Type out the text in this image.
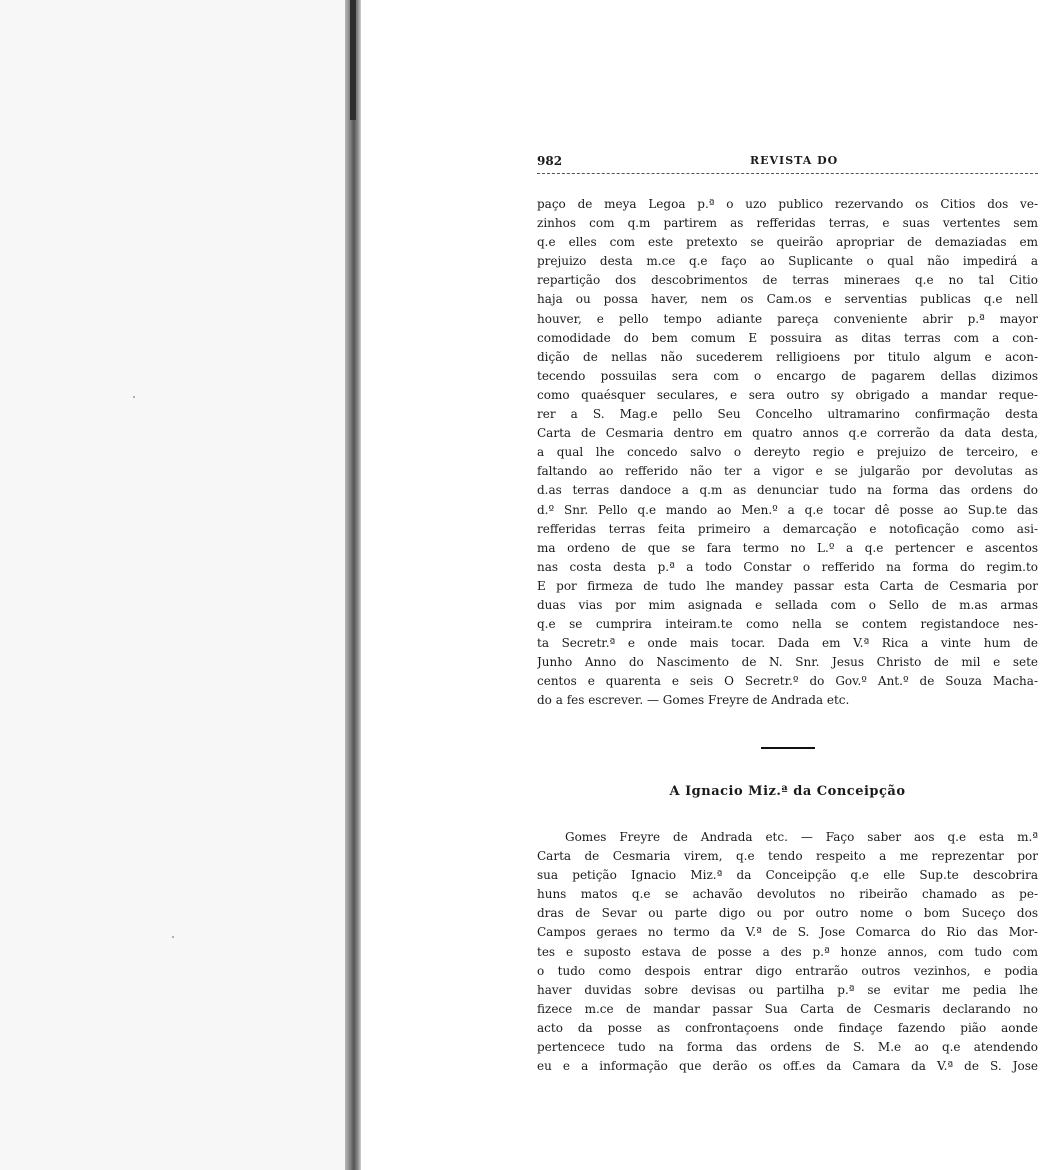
982	REVISTA DO
paço de meya Legoa p.ª o uzo publico rezervando os Citios dos ve-
zinhos com q.m partirem as refferidas terras, e suas vertentes sem
q.e elles com este pretexto se queirão apropriar de demaziadas em
prejuizo desta m.ce q.e faço ao Suplicante o qual não impedirá a
repartição dos descobrimentos de terras mineraes q.e no tal Citio
haja ou possa haver, nem os Cam.os e serventias publicas q.e nell
houver, e pello tempo adiante pareça conveniente abrir p.ª mayor
comodidade do bem comum E possuira as ditas terras com a con-
dição de nellas não sucederem relligioens por titulo algum e acon-
tecendo possuilas sera com o encargo de pagarem dellas dizimos
como quaésquer seculares, e sera outro sy obrigado a mandar reque-
rer a S. Mag.e pello Seu Concelho ultramarino confirmação desta
Carta de Cesmaria dentro em quatro annos q.e correrão da data desta,
a qual lhe concedo salvo o dereyto regio e prejuizo de terceiro, e
faltando ao refferido não ter a vigor e se julgarão por devolutas as
d.as terras dandoce a q.m as denunciar tudo na forma das ordens do
d.º Snr. Pello q.e mando ao Men.º a q.e tocar dê posse ao Sup.te das
refferidas terras feita primeiro a demarcação e notoficação como asi-
ma ordeno de que se fara termo no L.º a q.e pertencer e ascentos
nas costa desta p.ª a todo Constar o refferido na forma do regim.to
E por firmeza de tudo lhe mandey passar esta Carta de Cesmaria por
duas vias por mim asignada e sellada com o Sello de m.as armas
q.e se cumprira inteiram.te como nella se contem registandoce nes-
ta Secretr.ª e onde mais tocar. Dada em V.ª Rica a vinte hum de
Junho Anno do Nascimento de N. Snr. Jesus Christo de mil e sete
centos e quarenta e seis O Secretr.º do Gov.º Ant.º de Souza Macha-
do a fes escrever. — Gomes Freyre de Andrada etc.
A Ignacio Miz.ª da Conceipção
Gomes Freyre de Andrada etc. — Faço saber aos q.e esta m.ª
Carta de Cesmaria virem, q.e tendo respeito a me reprezentar por
sua petição Ignacio Miz.ª da Conceipção q.e elle Sup.te descobrira
huns matos q.e se achavão devolutos no ribeirão chamado as pe-
dras de Sevar ou parte digo ou por outro nome o bom Suceço dos
Campos geraes no termo da V.ª de S. Jose Comarca do Rio das Mor-
tes e suposto estava de posse a des p.ª honze annos, com tudo com
o tudo como despois entrar digo entrarão outros vezinhos, e podia
haver duvidas sobre devisas ou partilha p.ª se evitar me pedia lhe
fizece m.ce de mandar passar Sua Carta de Cesmaris declarando no
acto da posse as confrontaçoens onde findaçe fazendo pião aonde
pertencece tudo na forma das ordens de S. M.e ao q.e atendendo
eu e a informação que derão os off.es da Camara da V.ª de S. Jose
